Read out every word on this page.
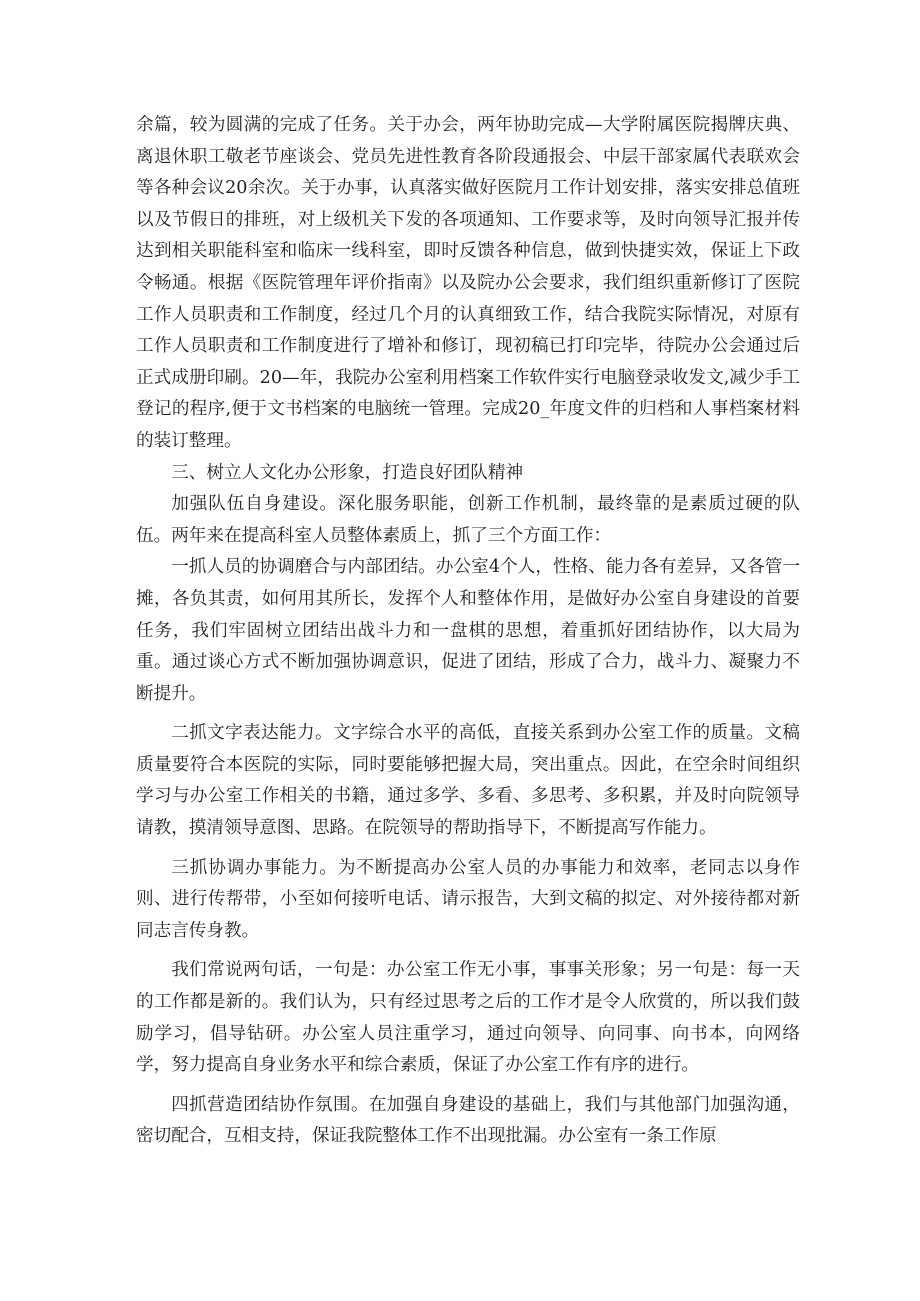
余篇，较为圆满的完成了任务。关于办会，两年协助完成—大学附属医院揭牌庆典、离退休职工敬老节座谈会、党员先进性教育各阶段通报会、中层干部家属代表联欢会等各种会议20余次。关于办事，认真落实做好医院月工作计划安排，落实安排总值班以及节假日的排班，对上级机关下发的各项通知、工作要求等，及时向领导汇报并传达到相关职能科室和临床一线科室，即时反馈各种信息，做到快捷实效，保证上下政令畅通。根据《医院管理年评价指南》以及院办公会要求，我们组织重新修订了医院工作人员职责和工作制度，经过几个月的认真细致工作，结合我院实际情况，对原有工作人员职责和工作制度进行了增补和修订，现初稿已打印完毕，待院办公会通过后正式成册印刷。20—年，我院办公室利用档案工作软件实行电脑登录收发文,减少手工登记的程序,便于文书档案的电脑统一管理。完成20_年度文件的归档和人事档案材料的装订整理。

三、树立人文化办公形象，打造良好团队精神

加强队伍自身建设。深化服务职能，创新工作机制，最终靠的是素质过硬的队伍。两年来在提高科室人员整体素质上，抓了三个方面工作：

一抓人员的协调磨合与内部团结。办公室4个人，性格、能力各有差异，又各管一摊，各负其责，如何用其所长，发挥个人和整体作用，是做好办公室自身建设的首要任务，我们牢固树立团结出战斗力和一盘棋的思想，着重抓好团结协作，以大局为重。通过谈心方式不断加强协调意识，促进了团结，形成了合力，战斗力、凝聚力不断提升。

二抓文字表达能力。文字综合水平的高低，直接关系到办公室工作的质量。文稿质量要符合本医院的实际，同时要能够把握大局，突出重点。因此，在空余时间组织学习与办公室工作相关的书籍，通过多学、多看、多思考、多积累，并及时向院领导请教，摸清领导意图、思路。在院领导的帮助指导下，不断提高写作能力。

三抓协调办事能力。为不断提高办公室人员的办事能力和效率，老同志以身作则、进行传帮带，小至如何接听电话、请示报告，大到文稿的拟定、对外接待都对新同志言传身教。

我们常说两句话，一句是：办公室工作无小事，事事关形象；另一句是：每一天的工作都是新的。我们认为，只有经过思考之后的工作才是令人欣赏的，所以我们鼓励学习，倡导钻研。办公室人员注重学习，通过向领导、向同事、向书本，向网络学，努力提高自身业务水平和综合素质，保证了办公室工作有序的进行。

四抓营造团结协作氛围。在加强自身建设的基础上，我们与其他部门加强沟通，密切配合，互相支持，保证我院整体工作不出现批漏。办公室有一条工作原
